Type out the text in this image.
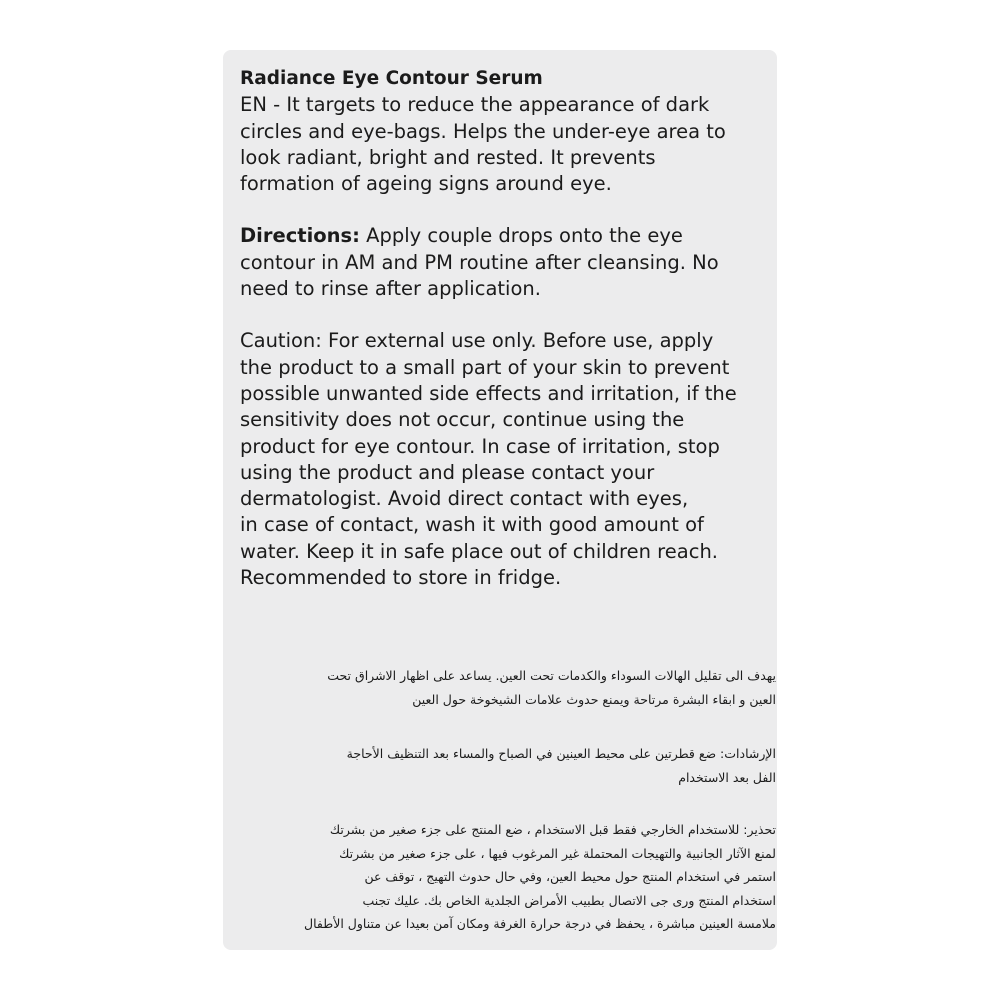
Radiance Eye Contour Serum

EN - It targets to reduce the appearance of dark

circles and eye-bags. Helps the under-eye area to

look radiant, bright and rested. It prevents

formation of ageing signs around eye.

Directions: Apply couple drops onto the eye

contour in AM and PM routine after cleansing. No

need to rinse after application.

Caution: For external use only. Before use, apply

the product to a small part of your skin to prevent

possible unwanted side effects and irritation, if the

sensitivity does not occur, continue using the

product for eye contour. In case of irritation, stop

using the product and please contact your

dermatologist. Avoid direct contact with eyes,

in case of contact, wash it with good amount of

water. Keep it in safe place out of children reach.

Recommended to store in fridge.

يهدف الى تقليل الهالات السوداء والكدمات تحت العين. يساعد على اظهار الاشراق تحت

العين و ابقاء البشرة مرتاحة ويمنع حدوث علامات الشيخوخة حول العين

الإرشادات: ضع قطرتين على محيط العينين في الصباح والمساء بعد التنظيف الأحاجة

الفل بعد الاستخدام

تحذير: للاستخدام الخارجي فقط قبل الاستخدام ، ضع المنتج على جزء صغير من بشرتك

لمنع الآثار الجانبية والتهيجات المحتملة غير المرغوب فيها ، على جزء صغير من بشرتك

استمر في استخدام المنتج حول محيط العين، وفي حال حدوث التهيج ، توقف عن

استخدام المنتج ورى جى الاتصال بطبيب الأمراض الجلدية الخاص بك. عليك تجنب

ملامسة العينين مباشرة ، يحفظ في درجة حرارة الغرفة ومكان آمن بعيدا عن متناول الأطفال
